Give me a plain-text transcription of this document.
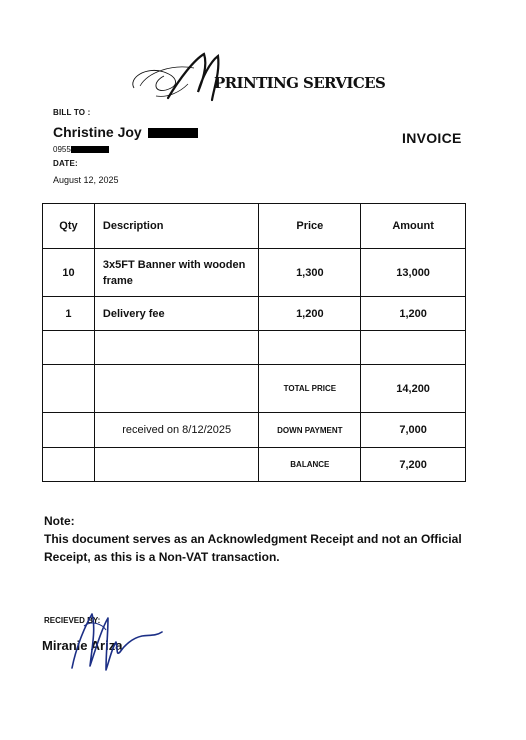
PRINTING SERVICES
BILL TO :
Christine Joy
0955
DATE:
August 12, 2025
INVOICE
Qty	Description	Price	Amount
10	3x5FT Banner with wooden frame	1,300	13,000
1	Delivery fee	1,200	1,200

		TOTAL PRICE	14,200
	received on 8/12/2025	DOWN PAYMENT	7,000
		BALANCE	7,200
Note:
This document serves as an Acknowledgment Receipt and not an Official Receipt, as this is a Non-VAT transaction.
RECIEVED BY:
Miranie Ariza
